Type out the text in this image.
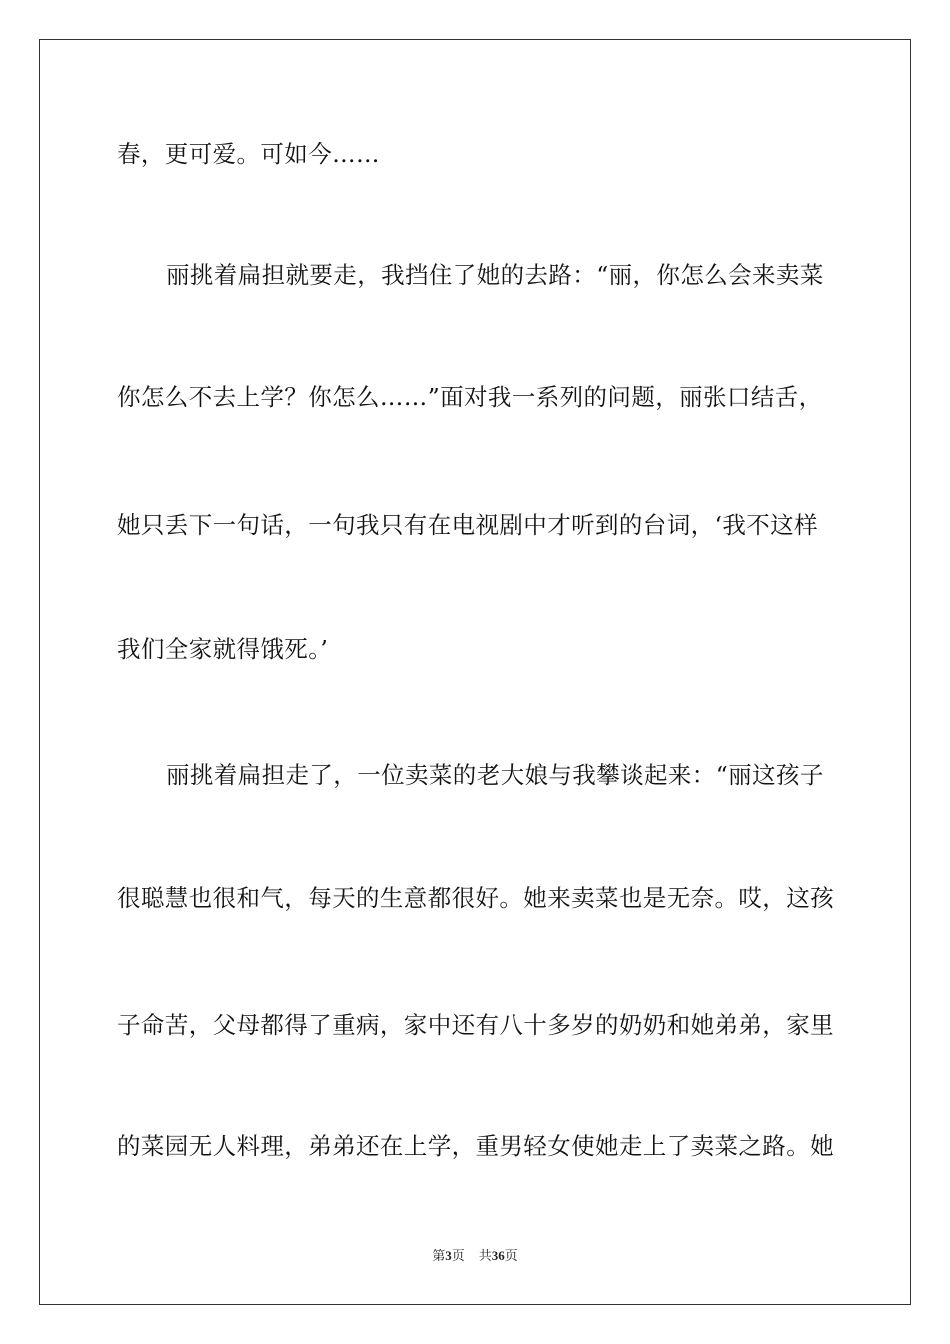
春，更可爱。可如今……
丽挑着扁担就要走，我挡住了她的去路：“丽，你怎么会来卖菜
你怎么不去上学？你怎么……”面对我一系列的问题，丽张口结舌，
她只丢下一句话，一句我只有在电视剧中才听到的台词，‘我不这样
我们全家就得饿死。’
丽挑着扁担走了，一位卖菜的老大娘与我攀谈起来：“丽这孩子
很聪慧也很和气，每天的生意都很好。她来卖菜也是无奈。哎，这孩
子命苦，父母都得了重病，家中还有八十多岁的奶奶和她弟弟，家里
的菜园无人料理，弟弟还在上学，重男轻女使她走上了卖菜之路。她
第3页 共36页
